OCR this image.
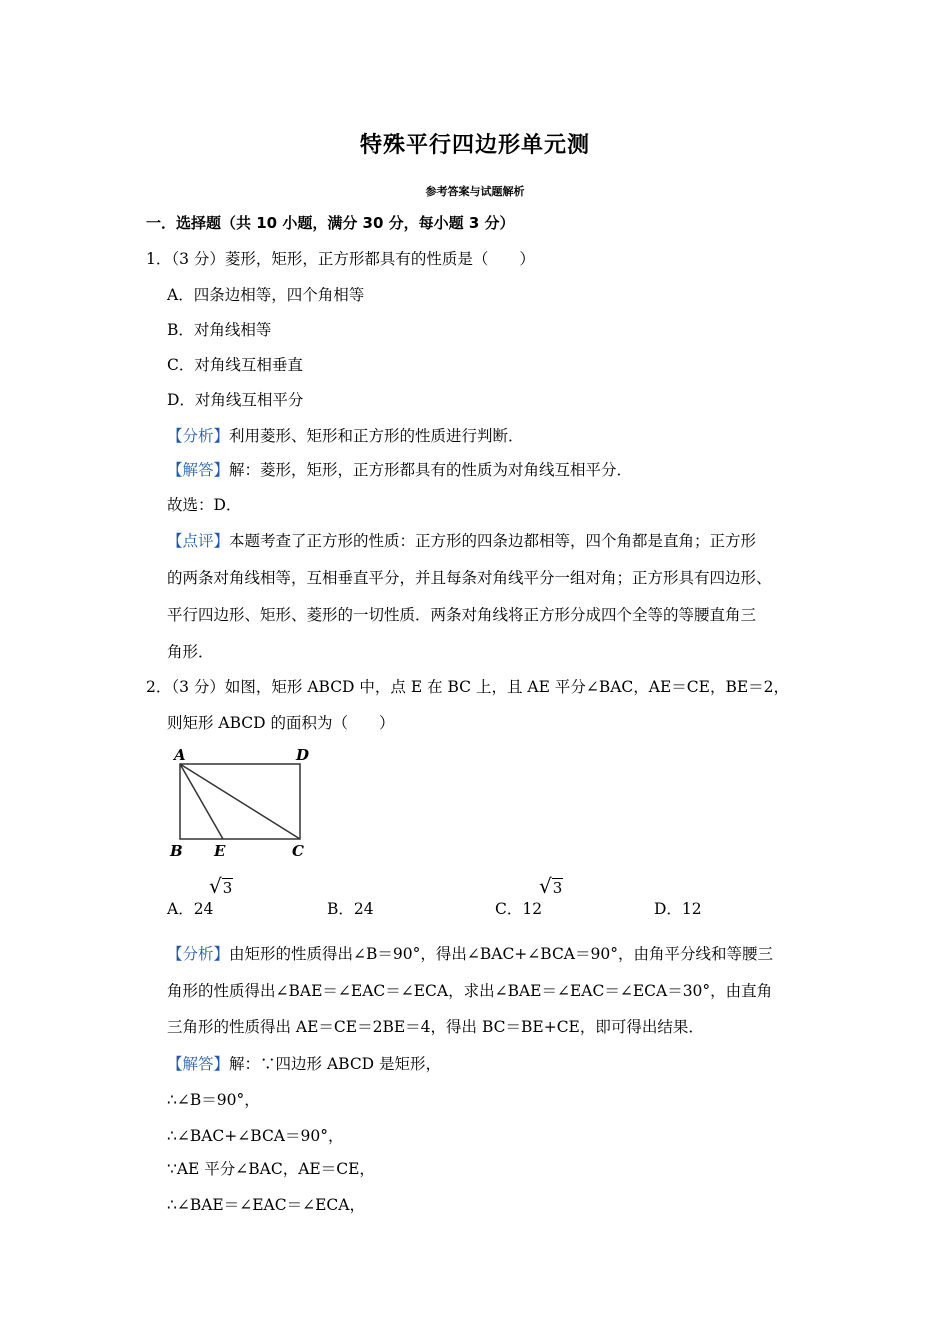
特殊平行四边形单元测
参考答案与试题解析
一．选择题（共 10 小题，满分 30 分，每小题 3 分）
1．（3 分）菱形，矩形，正方形都具有的性质是（　　）
A．四条边相等，四个角相等
B．对角线相等
C．对角线互相垂直
D．对角线互相平分
【分析】利用菱形、矩形和正方形的性质进行判断．
【解答】解：菱形，矩形，正方形都具有的性质为对角线互相平分．
故选：D．
【点评】本题考查了正方形的性质：正方形的四条边都相等，四个角都是直角；正方形
的两条对角线相等，互相垂直平分，并且每条对角线平分一组对角；正方形具有四边形、
平行四边形、矩形、菱形的一切性质．两条对角线将正方形分成四个全等的等腰直角三
角形．
2．（3 分）如图，矩形 ABCD 中，点 E 在 BC 上，且 AE 平分∠BAC，AE＝CE，BE＝2，
则矩形 ABCD 的面积为（　　）
A	D
B E	C
A．24
√3
B．24	C．12
√3
D．12
【分析】由矩形的性质得出∠B＝90°，得出∠BAC+∠BCA＝90°，由角平分线和等腰三
角形的性质得出∠BAE＝∠EAC＝∠ECA，求出∠BAE＝∠EAC＝∠ECA＝30°，由直角
三角形的性质得出 AE＝CE＝2BE＝4，得出 BC＝BE+CE，即可得出结果．
【解答】解：∵四边形 ABCD 是矩形，
∴∠B＝90°，
∴∠BAC+∠BCA＝90°，
∵AE 平分∠BAC，AE＝CE，
∴∠BAE＝∠EAC＝∠ECA，
